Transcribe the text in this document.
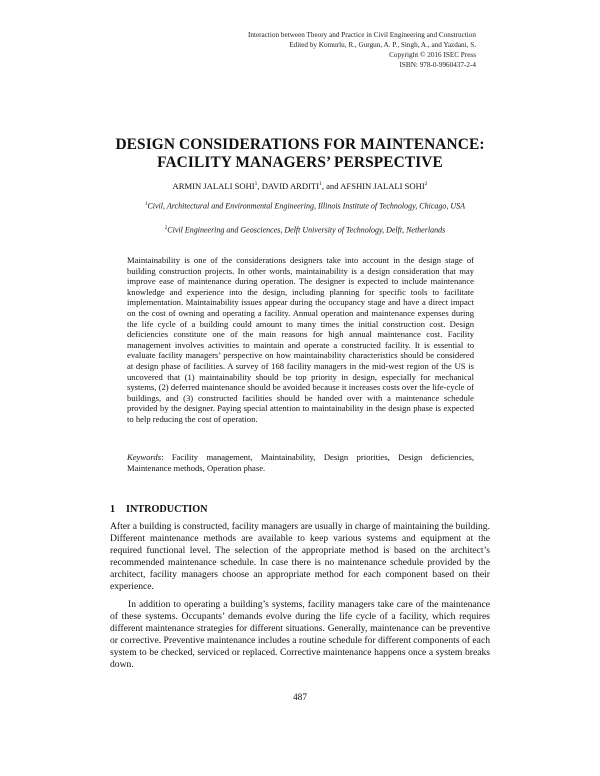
Interaction between Theory and Practice in Civil Engineering and Construction
Edited by Komurlu, R., Gurgun, A. P., Singh, A., and Yazdani, S.
Copyright © 2016 ISEC Press
ISBN: 978-0-9960437-2-4
DESIGN CONSIDERATIONS FOR MAINTENANCE:
FACILITY MANAGERS’ PERSPECTIVE
ARMIN JALALI SOHI$^1$, DAVID ARDITI$^1$, and AFSHIN JALALI SOHI$^2$
$^1$Civil, Architectural and Environmental Engineering, Illinois Institute of Technology, Chicago, USA
$^2$Civil Engineering and Geosciences, Delft University of Technology, Delft, Netherlands
Maintainability is one of the considerations designers take into account in the design stage of building construction projects. In other words, maintainability is a design consideration that may improve ease of maintenance during operation. The designer is expected to include maintenance knowledge and experience into the design, including planning for specific tools to facilitate implementation. Maintainability issues appear during the occupancy stage and have a direct impact on the cost of owning and operating a facility. Annual operation and maintenance expenses during the life cycle of a building could amount to many times the initial construction cost. Design deficiencies constitute one of the main reasons for high annual maintenance cost. Facility management involves activities to maintain and operate a constructed facility. It is essential to evaluate facility managers’ perspective on how maintainability characteristics should be considered at design phase of facilities. A survey of 168 facility managers in the mid-west region of the US is uncovered that (1) maintainability should be top priority in design, especially for mechanical systems, (2) deferred maintenance should be avoided because it increases costs over the life-cycle of buildings, and (3) constructed facilities should be handed over with a maintenance schedule provided by the designer. Paying special attention to maintainability in the design phase is expected to help reducing the cost of operation.
Keywords: Facility management, Maintainability, Design priorities, Design deficiencies, Maintenance methods, Operation phase.
1 INTRODUCTION
After a building is constructed, facility managers are usually in charge of maintaining the building. Different maintenance methods are available to keep various systems and equipment at the required functional level. The selection of the appropriate method is based on the architect’s recommended maintenance schedule. In case there is no maintenance schedule provided by the architect, facility managers choose an appropriate method for each component based on their experience.
In addition to operating a building’s systems, facility managers take care of the maintenance of these systems. Occupants’ demands evolve during the life cycle of a facility, which requires different maintenance strategies for different situations. Generally, maintenance can be preventive or corrective. Preventive maintenance includes a routine schedule for different components of each system to be checked, serviced or replaced. Corrective maintenance happens once a system breaks down.
487
